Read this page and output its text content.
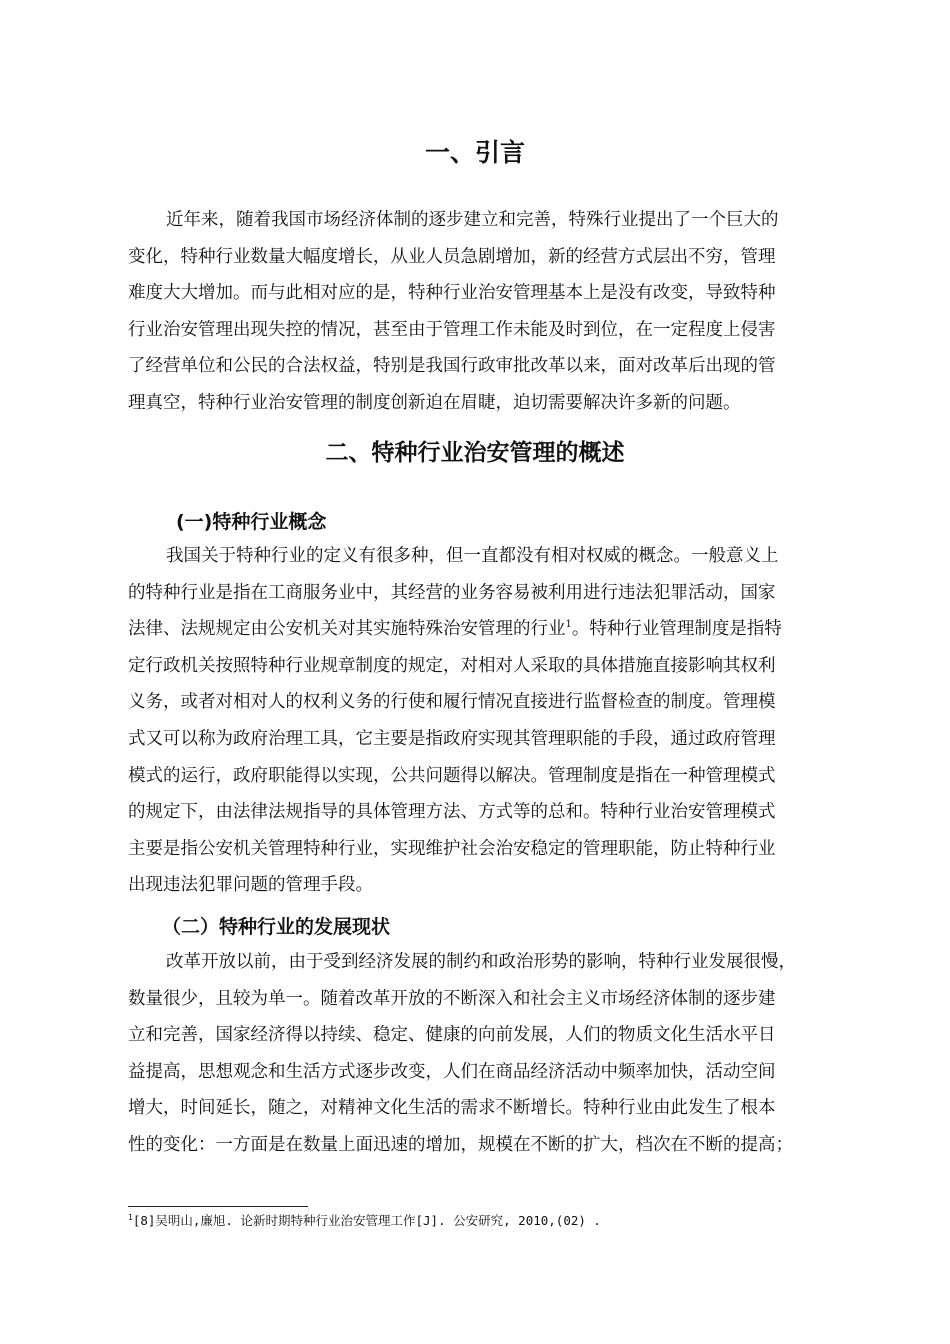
一、引言
近年来，随着我国市场经济体制的逐步建立和完善，特殊行业提出了一个巨大的
变化，特种行业数量大幅度增长，从业人员急剧增加，新的经营方式层出不穷，管理
难度大大增加。而与此相对应的是，特种行业治安管理基本上是没有改变，导致特种
行业治安管理出现失控的情况，甚至由于管理工作未能及时到位，在一定程度上侵害
了经营单位和公民的合法权益，特别是我国行政审批改革以来，面对改革后出现的管
理真空，特种行业治安管理的制度创新迫在眉睫，迫切需要解决许多新的问题。
二、特种行业治安管理的概述
(一)特种行业概念
我国关于特种行业的定义有很多种，但一直都没有相对权威的概念。一般意义上
的特种行业是指在工商服务业中，其经营的业务容易被利用进行违法犯罪活动，国家
法律、法规规定由公安机关对其实施特殊治安管理的行业$^1$。特种行业管理制度是指特
定行政机关按照特种行业规章制度的规定，对相对人采取的具体措施直接影响其权利
义务，或者对相对人的权利义务的行使和履行情况直接进行监督检查的制度。管理模
式又可以称为政府治理工具，它主要是指政府实现其管理职能的手段，通过政府管理
模式的运行，政府职能得以实现，公共问题得以解决。管理制度是指在一种管理模式
的规定下，由法律法规指导的具体管理方法、方式等的总和。特种行业治安管理模式
主要是指公安机关管理特种行业，实现维护社会治安稳定的管理职能，防止特种行业
出现违法犯罪问题的管理手段。
（二）特种行业的发展现状
改革开放以前，由于受到经济发展的制约和政治形势的影响，特种行业发展很慢，
数量很少，且较为单一。随着改革开放的不断深入和社会主义市场经济体制的逐步建
立和完善，国家经济得以持续、稳定、健康的向前发展，人们的物质文化生活水平日
益提高，思想观念和生活方式逐步改变，人们在商品经济活动中频率加快，活动空间
增大，时间延长，随之，对精神文化生活的需求不断增长。特种行业由此发生了根本
性的变化：一方面是在数量上面迅速的增加，规模在不断的扩大，档次在不断的提高；
$^1$[8]吴明山,廉旭. 论新时期特种行业治安管理工作[J]. 公安研究, 2010,(02) .
